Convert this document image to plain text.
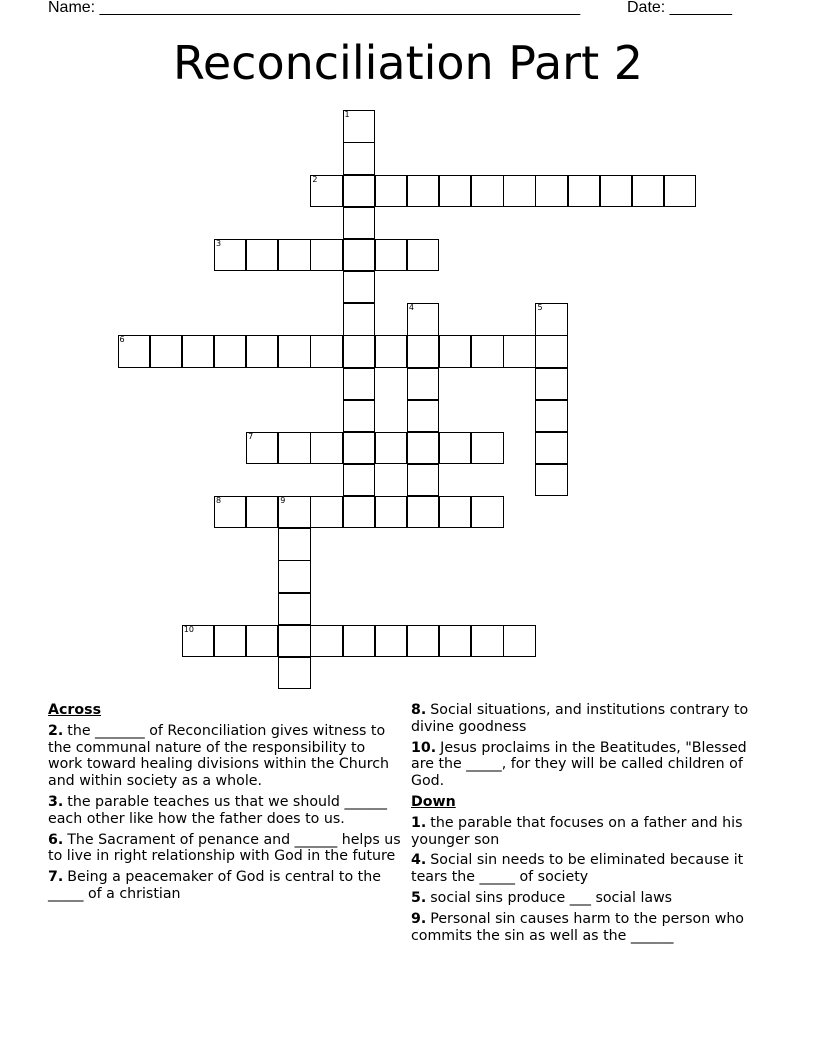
Name: ______________________________________________________	Date: _______
Reconciliation Part 2
1
2
3
4	5
6
7
8	9
10
Across
2. the _______ of Reconciliation gives witness to the communal nature of the responsibility to work toward healing divisions within the Church and within society as a whole.
3. the parable teaches us that we should ______ each other like how the father does to us.
6. The Sacrament of penance and ______ helps us to live in right relationship with God in the future
7. Being a peacemaker of God is central to the _____ of a christian
8. Social situations, and institutions contrary to divine goodness
10. Jesus proclaims in the Beatitudes, "Blessed are the _____, for they will be called children of God.
Down
1. the parable that focuses on a father and his younger son
4. Social sin needs to be eliminated because it tears the _____ of society
5. social sins produce ___ social laws
9. Personal sin causes harm to the person who commits the sin as well as the ______
